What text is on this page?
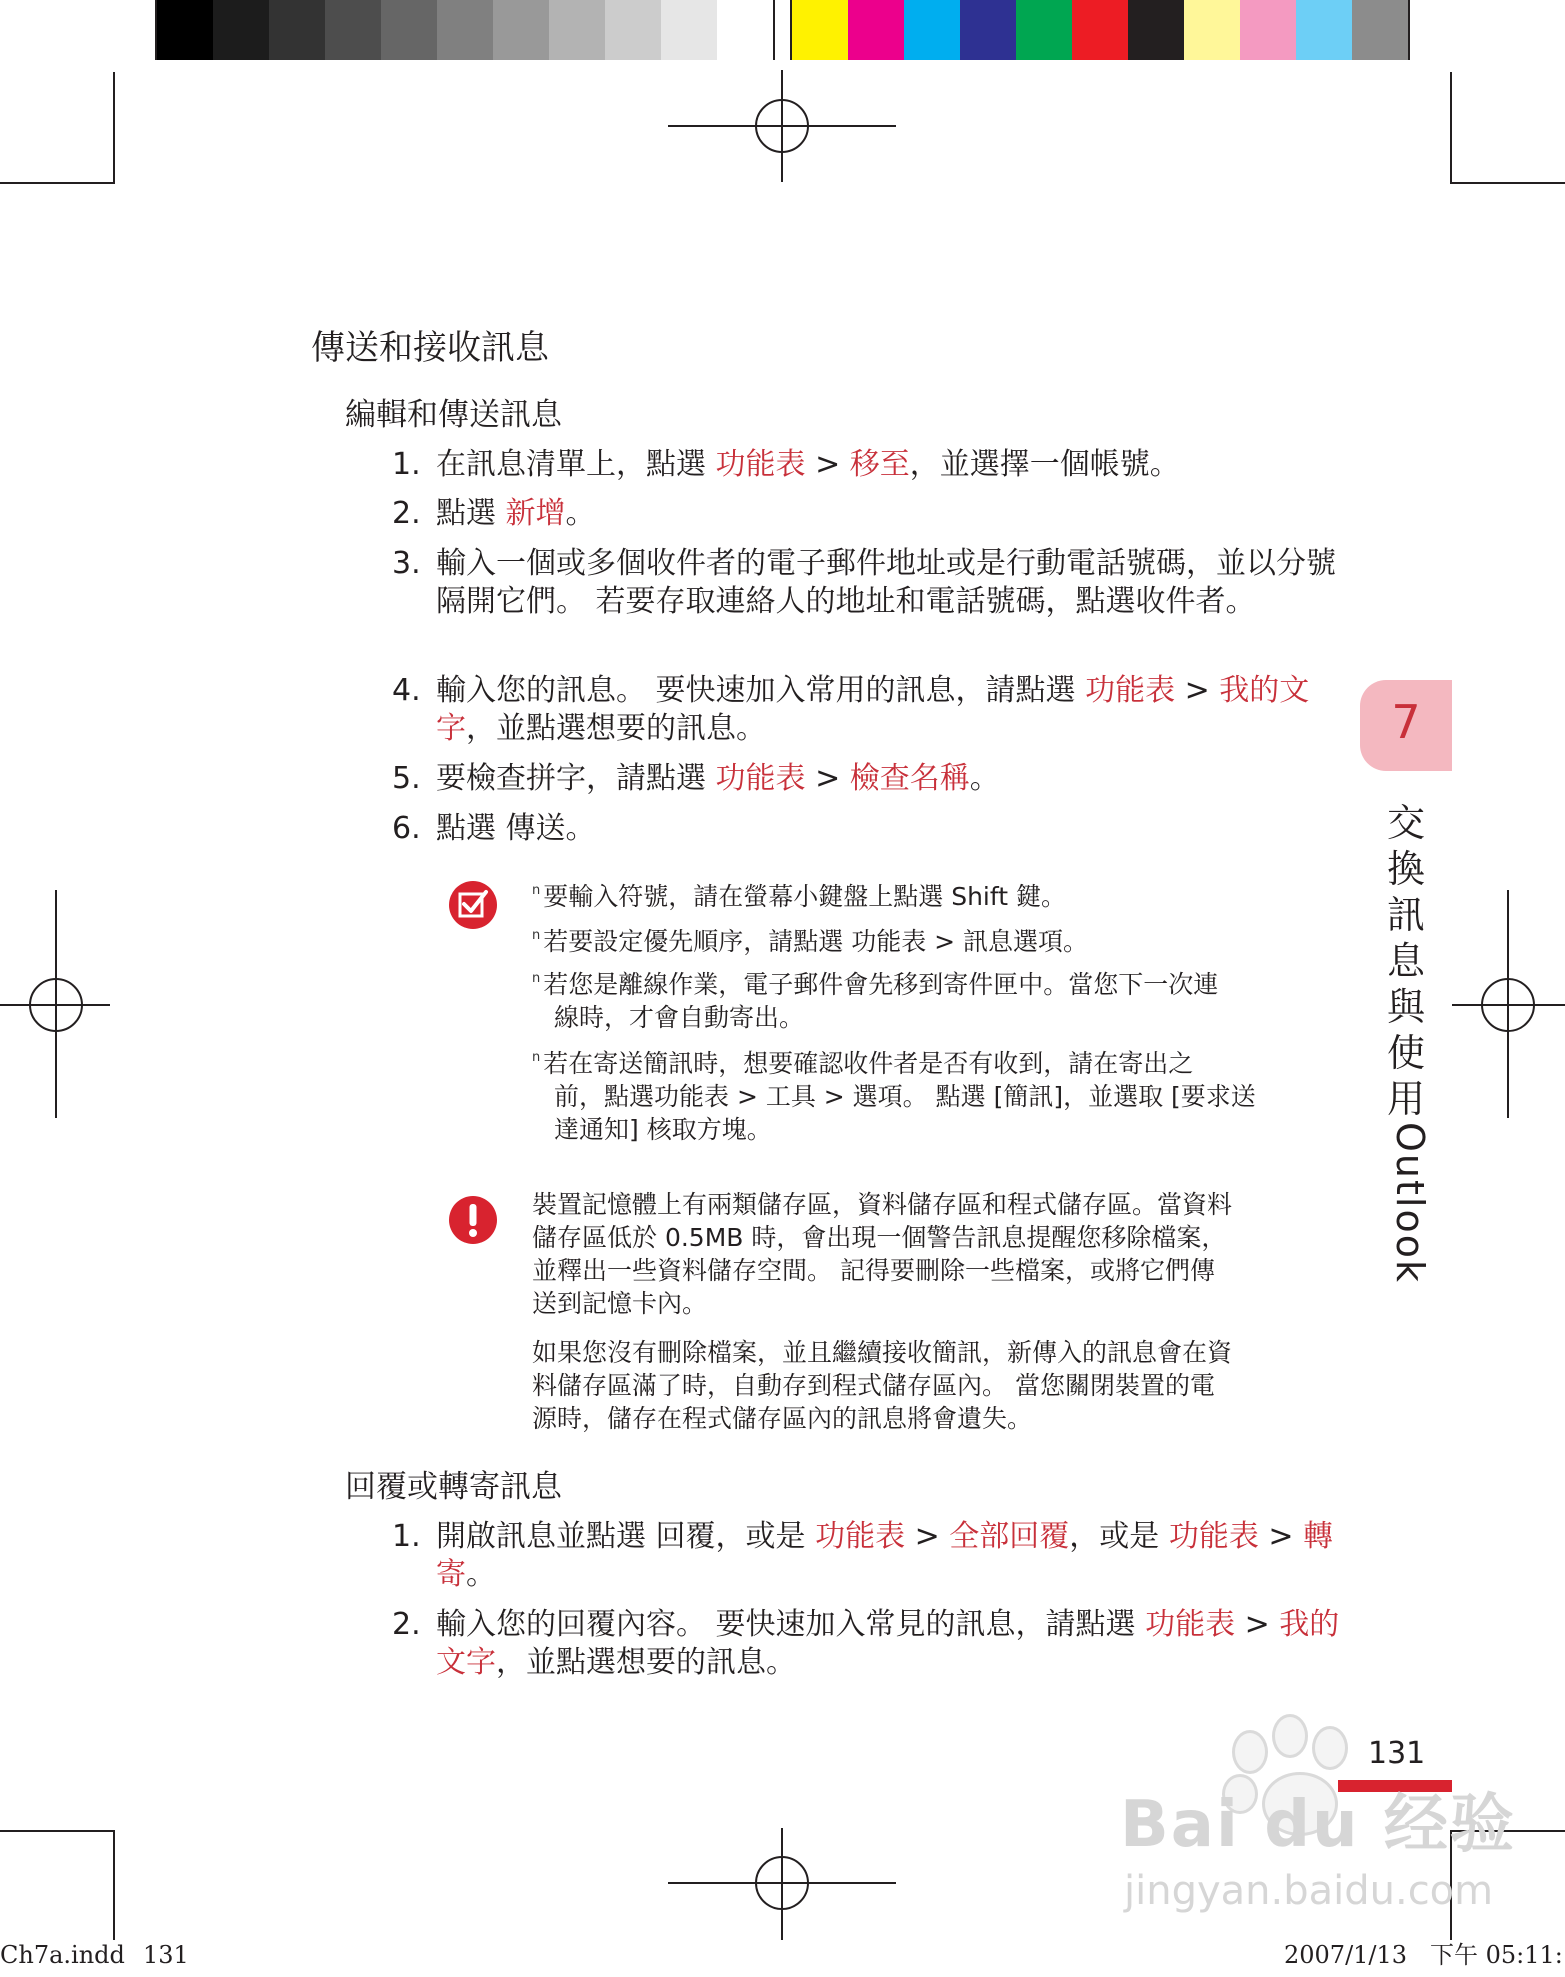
傳送和接收訊息
編輯和傳送訊息
1. 在訊息清單上，點選 功能表 > 移至，並選擇一個帳號。
2. 點選 新增。
3. 輸入一個或多個收件者的電子郵件地址或是行動電話號碼，並以分號隔開它們。 若要存取連絡人的地址和電話號碼，點選收件者。
4. 輸入您的訊息。 要快速加入常用的訊息，請點選 功能表 > 我的文字，並點選想要的訊息。
5. 要檢查拼字，請點選 功能表 > 檢查名稱。
6. 點選 傳送。
$^n$ 要輸入符號，請在螢幕小鍵盤上點選 Shift 鍵。
$^n$ 若要設定優先順序，請點選 功能表 > 訊息選項。
$^n$ 若您是離線作業，電子郵件會先移到寄件匣中。當您下一次連
線時，才會自動寄出。
$^n$ 若在寄送簡訊時，想要確認收件者是否有收到，請在寄出之
前，點選功能表 > 工具 > 選項。 點選 [簡訊]，並選取 [要求送
達通知] 核取方塊。
裝置記憶體上有兩類儲存區，資料儲存區和程式儲存區。當資料
儲存區低於 0.5MB 時，會出現一個警告訊息提醒您移除檔案，
並釋出一些資料儲存空間。 記得要刪除一些檔案，或將它們傳
送到記憶卡內。
如果您沒有刪除檔案，並且繼續接收簡訊，新傳入的訊息會在資
料儲存區滿了時，自動存到程式儲存區內。 當您關閉裝置的電
源時，儲存在程式儲存區內的訊息將會遺失。
回覆或轉寄訊息
1. 開啟訊息並點選 回覆，或是 功能表 > 全部回覆，或是 功能表 > 轉寄。
2. 輸入您的回覆內容。 要快速加入常見的訊息，請點選 功能表 > 我的文字，並點選想要的訊息。
7
交
換
訊
息
與
使
用
Outlook
131
Bai du 经验
jingyan.baidu.com
Ch7a.indd 131	2007/1/13 下午 05:11:
